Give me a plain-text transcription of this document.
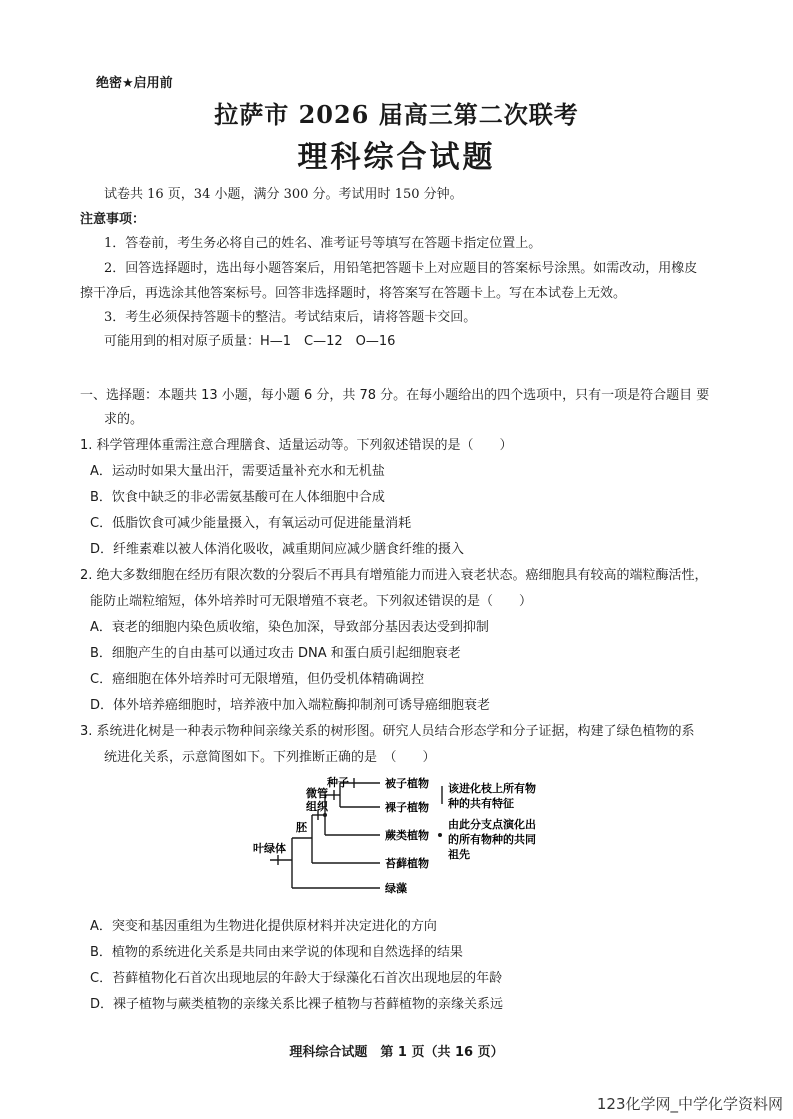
绝密★启用前
拉萨市 2026 届高三第二次联考
理科综合试题
试卷共 16 页，34 小题，满分 300 分。考试用时 150 分钟。
注意事项：
1．答卷前，考生务必将自己的姓名、准考证号等填写在答题卡指定位置上。
2．回答选择题时，选出每小题答案后，用铅笔把答题卡上对应题目的答案标号涂黑。如需改动，用橡皮
擦干净后，再选涂其他答案标号。回答非选择题时，将答案写在答题卡上。写在本试卷上无效。
3．考生必须保持答题卡的整洁。考试结束后，请将答题卡交回。
可能用到的相对原子质量：H—1　C—12　O—16
一、选择题：本题共 13 小题，每小题 6 分，共 78 分。在每小题给出的四个选项中，只有一项是符合题目 要
求的。
1. 科学管理体重需注意合理膳食、适量运动等。下列叙述错误的是（　　）
A．运动时如果大量出汗，需要适量补充水和无机盐
B．饮食中缺乏的非必需氨基酸可在人体细胞中合成
C．低脂饮食可减少能量摄入，有氧运动可促进能量消耗
D．纤维素难以被人体消化吸收，减重期间应减少膳食纤维的摄入
2. 绝大多数细胞在经历有限次数的分裂后不再具有增殖能力而进入衰老状态。癌细胞具有较高的端粒酶活性，
能防止端粒缩短，体外培养时可无限增殖不衰老。下列叙述错误的是（　　）
A．衰老的细胞内染色质收缩，染色加深，导致部分基因表达受到抑制
B．细胞产生的自由基可以通过攻击 DNA 和蛋白质引起细胞衰老
C．癌细胞在体外培养时可无限增殖，但仍受机体精确调控
D．体外培养癌细胞时，培养液中加入端粒酶抑制剂可诱导癌细胞衰老
3. 系统进化树是一种表示物种间亲缘关系的树形图。研究人员结合形态学和分子证据，构建了绿色植物的系
统进化关系，示意简图如下。下列推断正确的是　（　　）
种子
微管
组织
胚
叶绿体
被子植物
裸子植物
蕨类植物
苔藓植物
绿藻
该进化枝上所有物
种的共有特征
由此分支点演化出
的所有物种的共同
祖先
A．突变和基因重组为生物进化提供原材料并决定进化的方向
B．植物的系统进化关系是共同由来学说的体现和自然选择的结果
C．苔藓植物化石首次出现地层的年龄大于绿藻化石首次出现地层的年龄
D．裸子植物与蕨类植物的亲缘关系比裸子植物与苔藓植物的亲缘关系远
理科综合试题　第 1 页（共 16 页）
123化学网_中学化学资料网
